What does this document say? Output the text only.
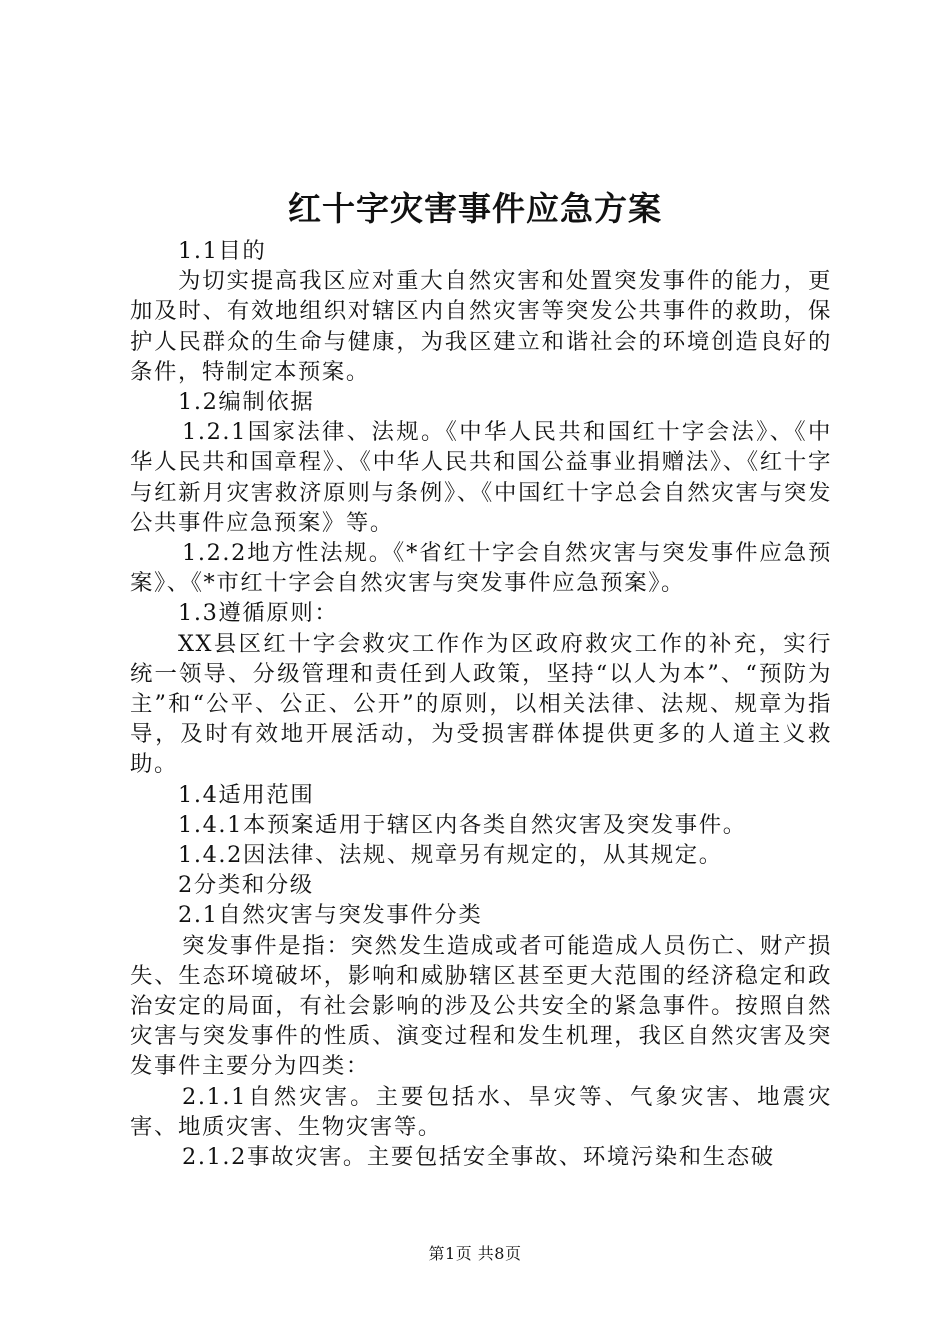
红十字灾害事件应急方案

1.1目的

为切实提高我区应对重大自然灾害和处置突发事件的能力，更加及时、有效地组织对辖区内自然灾害等突发公共事件的救助，保护人民群众的生命与健康，为我区建立和谐社会的环境创造良好的条件，特制定本预案。

1.2编制依据

1.2.1国家法律、法规。《中华人民共和国红十字会法》、《中华人民共和国章程》、《中华人民共和国公益事业捐赠法》、《红十字与红新月灾害救济原则与条例》、《中国红十字总会自然灾害与突发公共事件应急预案》等。

1.2.2地方性法规。《*省红十字会自然灾害与突发事件应急预案》、《*市红十字会自然灾害与突发事件应急预案》。

1.3遵循原则：

XX县区红十字会救灾工作作为区政府救灾工作的补充，实行统一领导、分级管理和责任到人政策，坚持“以人为本”、“预防为主”和“公平、公正、公开”的原则，以相关法律、法规、规章为指导，及时有效地开展活动，为受损害群体提供更多的人道主义救助。

1.4适用范围

1.4.1本预案适用于辖区内各类自然灾害及突发事件。

1.4.2因法律、法规、规章另有规定的，从其规定。

2分类和分级

2.1自然灾害与突发事件分类

突发事件是指：突然发生造成或者可能造成人员伤亡、财产损失、生态环境破坏，影响和威胁辖区甚至更大范围的经济稳定和政治安定的局面，有社会影响的涉及公共安全的紧急事件。按照自然灾害与突发事件的性质、演变过程和发生机理，我区自然灾害及突发事件主要分为四类：

2.1.1自然灾害。主要包括水、旱灾等、气象灾害、地震灾害、地质灾害、生物灾害等。

2.1.2事故灾害。主要包括安全事故、环境污染和生态破

第1页 共8页
